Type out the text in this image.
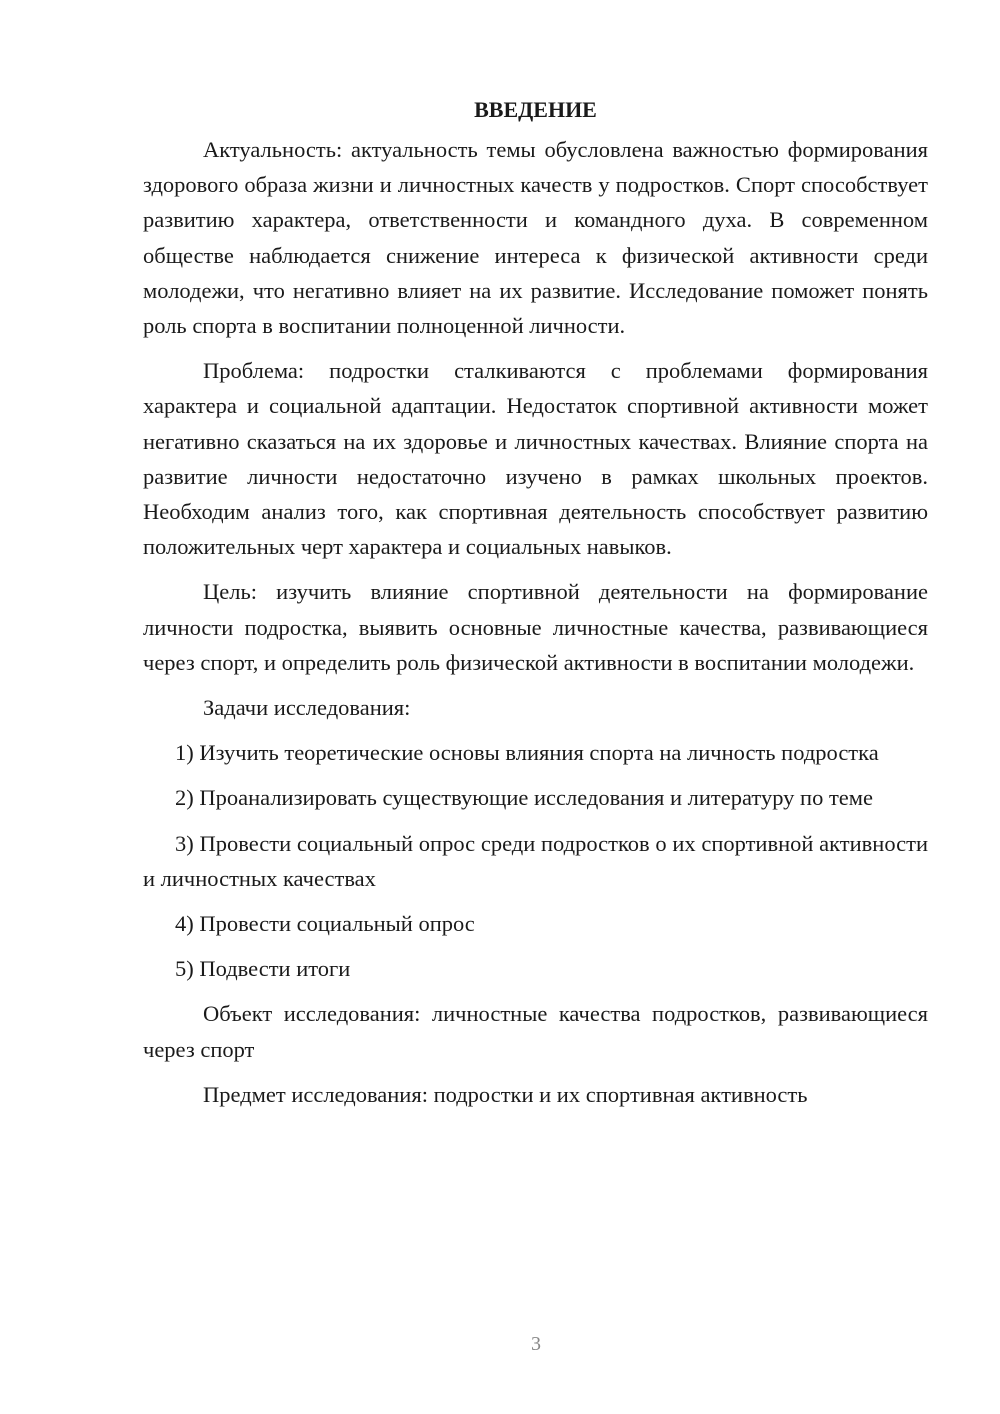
ВВЕДЕНИЕ

Актуальность: актуальность темы обусловлена важностью формирования здорового образа жизни и личностных качеств у подростков. Спорт способствует развитию характера, ответственности и командного духа. В современном обществе наблюдается снижение интереса к физической активности среди молодежи, что негативно влияет на их развитие. Исследование поможет понять роль спорта в воспитании полноценной личности.

Проблема: подростки сталкиваются с проблемами формирования характера и социальной адаптации. Недостаток спортивной активности может негативно сказаться на их здоровье и личностных качествах. Влияние спорта на развитие личности недостаточно изучено в рамках школьных проектов. Необходим анализ того, как спортивная деятельность способствует развитию положительных черт характера и социальных навыков.

Цель: изучить влияние спортивной деятельности на формирование личности подростка, выявить основные личностные качества, развивающиеся через спорт, и определить роль физической активности в воспитании молодежи.

Задачи исследования:

1) Изучить теоретические основы влияния спорта на личность подростка

2) Проанализировать существующие исследования и литературу по теме

3) Провести социальный опрос среди подростков о их спортивной активности и личностных качествах

4) Провести социальный опрос

5) Подвести итоги

Объект исследования: личностные качества подростков, развивающиеся через спорт

Предмет исследования: подростки и их спортивная активность

3
